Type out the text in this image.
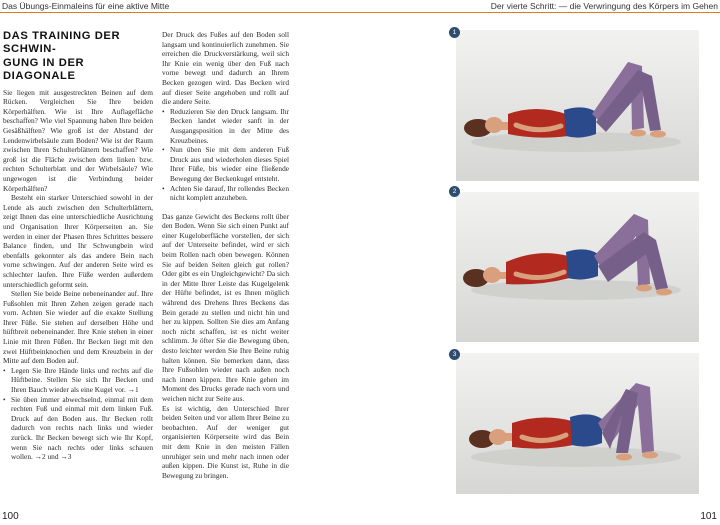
Das Übungs-Einmaleins für eine aktive Mitte	Der vierte Schritt: — die Verwringung des Körpers im Gehen
DAS TRAINING DER SCHWIN-
GUNG IN DER DIAGONALE

Sie liegen mit ausgestreckten Beinen auf dem Rücken. Vergleichen Sie Ihre beiden Körperhälften. Wie ist Ihre Auflagefläche beschaffen? Wie viel Spannung haben Ihre beiden Gesäßhälften? Wie groß ist der Abstand der Lendenwirbelsäule zum Boden? Wie ist der Raum zwischen Ihren Schulterblättern beschaffen? Wie groß ist die Fläche zwischen dem linken bzw. rechten Schulterblatt und der Wirbelsäule? Wie ungewogen ist die Verbindung beider Körperhälften?

Besteht ein starker Unterschied sowohl in der Lende als auch zwischen den Schulterblättern, zeigt Ihnen das eine unterschiedliche Ausrichtung und Organisation Ihrer Körperseiten an. Sie werden in einer der Phasen Ihres Schrittes bessere Balance finden, und Ihr Schwungbein wird ebenfalls gekonnter als das andere Bein nach vorne schwingen. Auf der anderen Seite wird es schlechter laufen. Ihre Füße werden außerdem unterschiedlich geformt sein.

Stellen Sie beide Beine nebeneinander auf. Ihre Fußsohlen mit Ihren Zehen zeigen gerade nach vorn. Achten Sie wieder auf die exakte Stellung Ihrer Füße. Sie stehen auf derselben Höhe und hüftbreit nebeneinander. Ihre Knie stehen in einer Linie mit Ihren Füßen. Ihr Becken liegt mit den zwei Hüftbeinknochen und dem Kreuzbein in der Mitte auf dem Boden auf.

• Legen Sie Ihre Hände links und rechts auf die Hüftbeine. Stellen Sie sich Ihr Becken und Ihren Bauch wieder als eine Kugel vor. →1
• Sie üben immer abwechselnd, einmal mit dem rechten Fuß und einmal mit dem linken Fuß. Druck auf den Boden aus. Ihr Becken rollt dadurch von rechts nach links und wieder zurück. Ihr Becken bewegt sich wie Ihr Kopf, wenn Sie nach rechts oder links schauen wollen. →2 und →3

Der Druck des Fußes auf den Boden soll langsam und kontinuierlich zunehmen. Sie erreichen die Druckverstärkung, weil sich Ihr Knie ein wenig über den Fuß nach vorne bewegt und dadurch an Ihrem Becken gezogen wird. Das Becken wird auf dieser Seite angehoben und rollt auf die andere Seite.

• Reduzieren Sie den Druck langsam. Ihr Becken landet wieder sanft in der Ausgangsposition in der Mitte des Kreuzbeines.
• Nun üben Sie mit dem anderen Fuß Druck aus und wiederholen dieses Spiel Ihrer Füße, bis wieder eine fließende Bewegung der Beckenkugel entsteht.
• Achten Sie darauf, Ihr rollendes Becken nicht komplett anzuheben.

Das ganze Gewicht des Beckens rollt über den Boden. Wenn Sie sich einen Punkt auf einer Kugeloberfläche vorstellen, der sich auf der Unterseite befindet, wird er sich beim Rollen nach oben bewegen. Können Sie auf beiden Seiten gleich gut rollen? Oder gibt es ein Ungleichgewicht? Da sich in der Mitte Ihrer Leiste das Kugelgelenk der Hüfte befindet, ist es Ihnen möglich während des Drehens Ihres Beckens das Bein gerade zu stellen und nicht hin und her zu kippen. Sollten Sie dies am Anfang noch nicht schaffen, ist es nicht weiter schlimm. Je öfter Sie die Bewegung üben, desto leichter werden Sie Ihre Beine ruhig halten können. Sie bemerken dann, dass Ihre Fußsohlen wieder nach außen noch nach innen kippen. Ihre Knie gehen im Moment des Drucks gerade nach vorn und weichen nicht zur Seite aus.

Es ist wichtig, den Unterschied Ihrer beiden Seiten und vor allem Ihrer Beine zu beobachten. Auf der weniger gut organisierten Körperseite wird das Bein mit dem Knie in den meisten Fällen unruhiger sein und mehr nach innen oder außen kippen. Die Kunst ist, Ruhe in die Bewegung zu bringen.

1
2
3
100	101
